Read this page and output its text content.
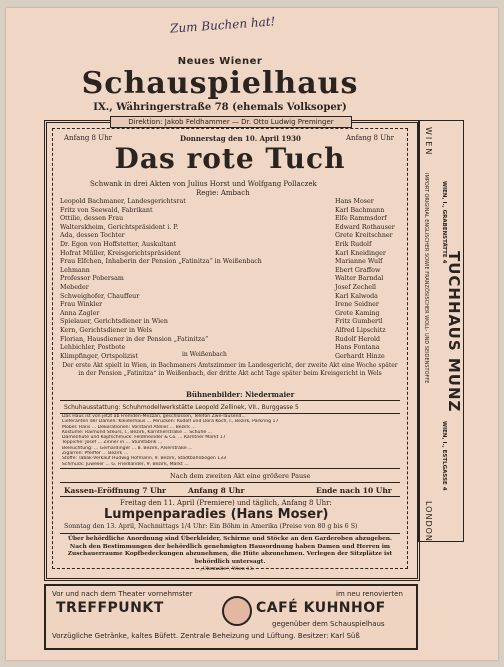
Zum Buchen hat!
Neues Wiener
Schauspielhaus
IX., Währingerstraße 78 (ehemals Volksoper)
Direktion: Jakob Feldhammer — Dr. Otto Ludwig Preminger
Anfang 8 Uhr	Donnerstag den 10. April 1930	Anfang 8 Uhr
Das rote Tuch
Schwank in drei Akten von Julius Horst und Wolfgang Pollaczek
Regie: Ambach
Leopold Bachmaner, Landesgerichtsrat	Hans Moser
Fritz von Seewald, Fabrikant	Karl Bachmann
Ottilie, dessen Frau	Elfe Rammsdorf
Walterskheim, Gerichtspräsident i. P.	Edward Rothauser
Ada, dessen Tochter	Grete Kreitschner
Dr. Egon von Hoffstetter, Auskultant	Erik Rudolf
Hofrat Müller, Kreisgerichtspräsident	Karl Kneidinger
Frau Elfchen, Inhaberin der Pension „Fatinitza“ in Weißenbach	Marianne Wulf
Lehmann	Ebert Graffow
Professor Pobersam	Walter Barndal
Mebeder	Josef Zechell
Schweighofer, Chauffeur	Karl Kalwoda
Frau Winkler	Irene Seidner
Anna Zagler	Grete Kaming
Spielauer, Gerichtsdiener in Wien	Fritz Gumbertl
Kern, Gerichtsdiener in Wels	Alfred Lipschitz
Florian, Hausdiener in der Pension „Fatinitza“	Rudolf Herold
Lehbichler, Postbote	Hans Fontana
Klimpfinger, Ortspolizist	Gerhardt Hinze
in Weißenbach
Der erste Akt spielt in Wien, in Bachmaners Amtszimmer im Landesgericht, der zweite Akt eine Woche später in der Pension „Fatinitza“ in Weißenbach, der dritte Akt acht Tage später beim Kreisgericht in Wels
Bühnenbilder: Niedermaier
Schuhausstattung: Schuhmodellwerkstätte Leopold Zellinek, VII., Burggasse 5
Das Haus ist von jetzt ab Fremden-Mezzan, geschlossen, Telefon Zwe-Tausend...
Lieferanten der Damen: Kleiderhaus ... Perücken: Rudolf und Dora Koch, I., Bezirk, Parkring 17
Möbel: Hans ... Dekorationen: Vorstand Atelier ... Bezirk ...
Kostüme: Raimund Steurs, I., Bezirk, Kärntnerstraße ... Schuhe ...
Damenhüte und Kopfschmuck: Feldmeinder & Co. ... Kärntner Markt 17
Teppiche: Josef ... Zinner in ... Stuhlfabrik ...
Beleuchtung: ... Gerhardinger ... 8. Bezirk, Alserstraße ...
Zigarren: Pfeiffer ... Bezirk ...
Stoffe: Tabak-Verkauf Hudwig Hofmann, 9. Bezirk, Stadtbahnbogen 133
Schmuck: Juwelier ... G. Friedländer, 9. Bezirk, Markt ...
Nach dem zweiten Akt eine größere Pause
Kassen-Eröffnung 7 Uhr	Anfang 8 Uhr	Ende nach 10 Uhr
Freitag den 11. April (Premiere) und täglich, Anfang 8 Uhr:
Lumpenparadies (Hans Moser)
Sonntag den 13. April, Nachmittags 1/4 Uhr: Ein Böhm in Amerika (Preise von 80 g bis 6 S)
Über behördliche Anordnung sind Überkleider, Schirme und Stöcke an den Garderoben abzugeben. Nach den Bestimmungen der behördlich genehmigten Hausordnung haben Damen und Herren im Zuschauerraume Kopfbedeckungen abzunehmen, die Hüte abzunehmen. Verlegen der Sitzplätze ist behördlich untersagt.
„Uhrmalle“, Wien 12.
WIEN
TUCHHAUS MUNZ
LONDON
WIEN, I., GRABENSTÄTTE 4
WIEN, I., ESTLGASSE 4
IMPORT ORIGINAL ENGLISCHER SOWIE FRANZÖSISCHER WOLL- UND SEIDENSTOFFE
Vor und nach dem Theater vornehmster	im neu renovierten
TREFFPUNKT	CAFÉ KUHNHOF
gegenüber dem Schauspielhaus
Vorzügliche Getränke, kaltes Büfett. Zentrale Beheizung und Lüftung. Besitzer: Karl Süß
